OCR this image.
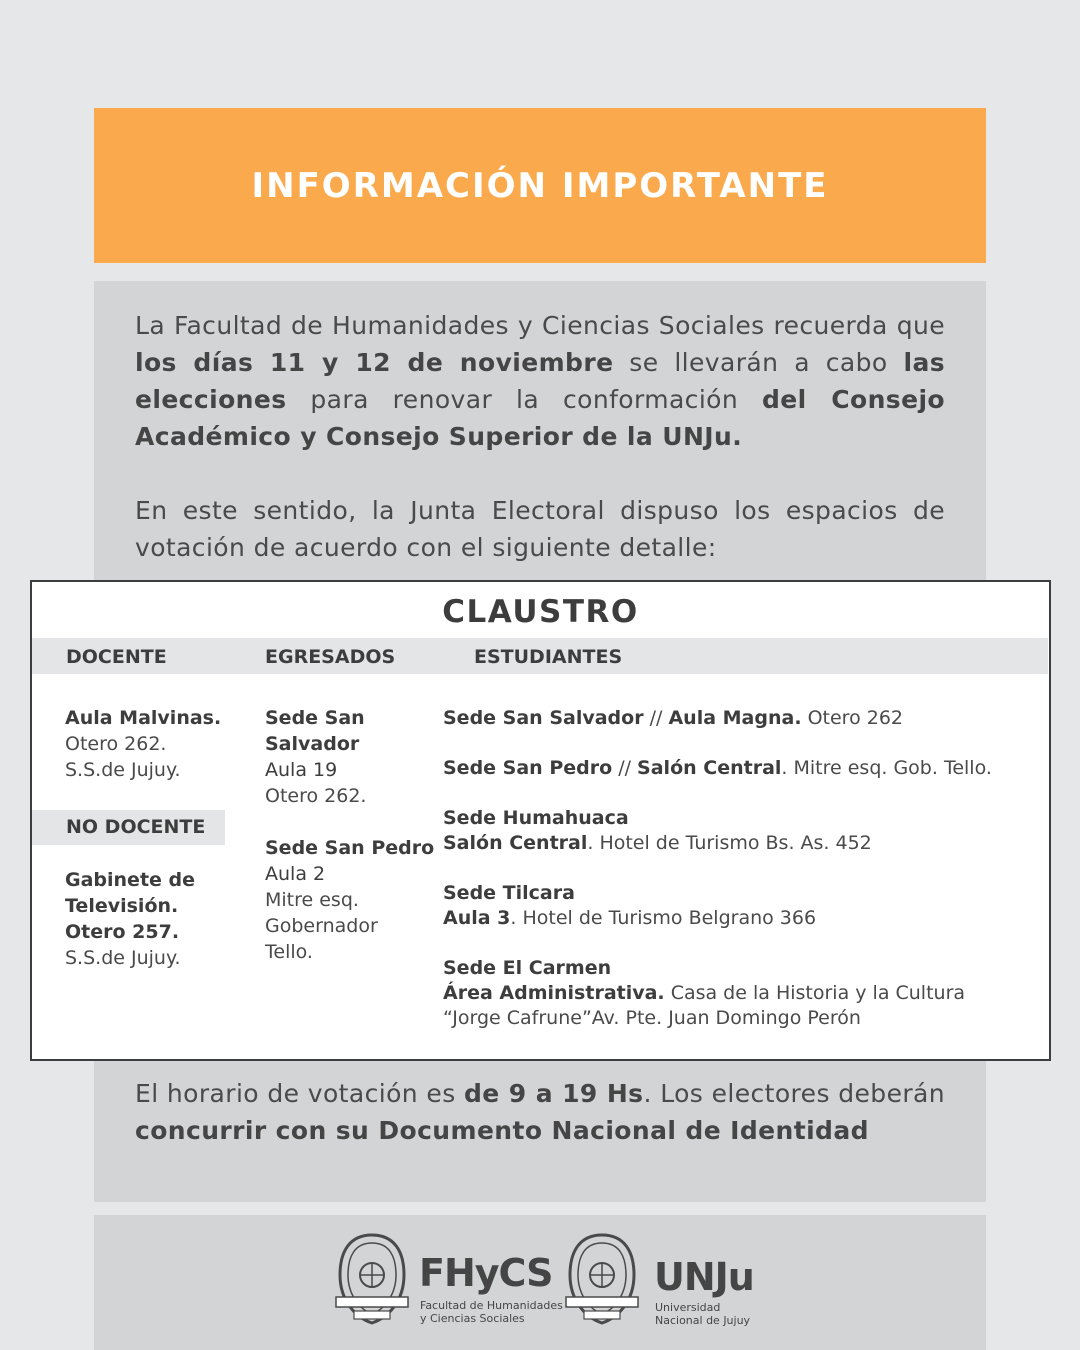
INFORMACIÓN IMPORTANTE

La Facultad de Humanidades y Ciencias Sociales recuerda que los días 11 y 12 de noviembre se llevarán a cabo las elecciones para renovar la conformación del Consejo Académico y Consejo Superior de la UNJu.

En este sentido, la Junta Electoral dispuso los espacios de votación de acuerdo con el siguiente detalle:

CLAUSTRO
DOCENTE	EGRESADOS	ESTUDIANTES
Aula Malvinas.
Otero 262.
S.S.de Jujuy.
NO DOCENTE
Gabinete de
Televisión.
Otero 257.
S.S.de Jujuy.
Sede San
Salvador
Aula 19
Otero 262.
Sede San Pedro
Aula 2
Mitre esq.
Gobernador
Tello.
Sede San Salvador // Aula Magna. Otero 262
Sede San Pedro // Salón Central. Mitre esq. Gob. Tello.
Sede Humahuaca
Salón Central. Hotel de Turismo Bs. As. 452
Sede Tilcara
Aula 3. Hotel de Turismo Belgrano 366
Sede El Carmen
Área Administrativa. Casa de la Historia y la Cultura
“Jorge Cafrune”Av. Pte. Juan Domingo Perón

El horario de votación es de 9 a 19 Hs. Los electores deberán concurrir con su Documento Nacional de Identidad

FHyCS
Facultad de Humanidades
y Ciencias Sociales
UNJu
Universidad
Nacional de Jujuy
